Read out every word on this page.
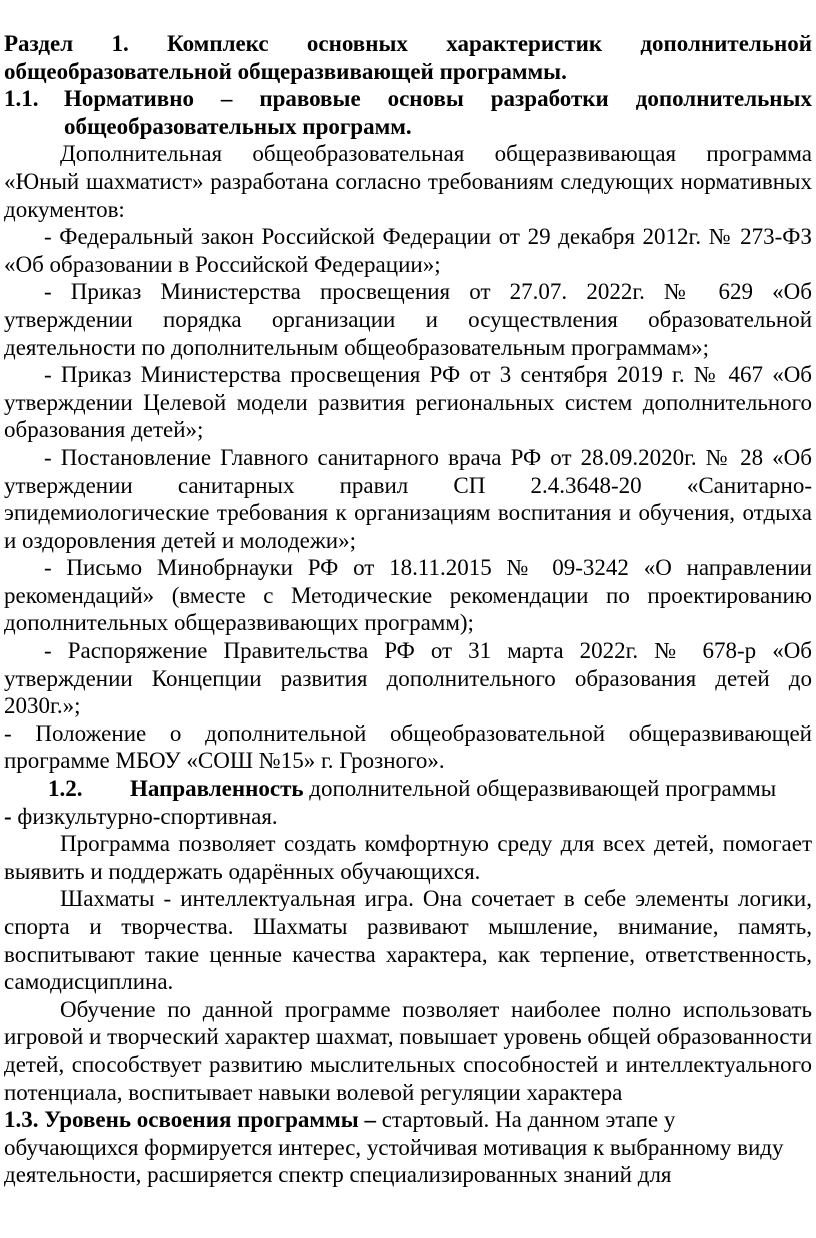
Раздел 1. Комплекс основных характеристик дополнительной общеобразовательной общеразвивающей программы.

1.1.	Нормативно – правовые основы разработки дополнительных общеобразовательных программ.

Дополнительная общеобразовательная общеразвивающая программа «Юный шахматист» разработана согласно требованиям следующих нормативных документов:

- Федеральный закон Российской Федерации от 29 декабря 2012г. № 273-ФЗ «Об образовании в Российской Федерации»;

- Приказ Министерства просвещения от 27.07. 2022г. № 629 «Об утверждении порядка организации и осуществления образовательной деятельности по дополнительным общеобразовательным программам»;

- Приказ Министерства просвещения РФ от 3 сентября 2019 г. № 467 «Об утверждении Целевой модели развития региональных систем дополнительного образования детей»;

- Постановление Главного санитарного врача РФ от 28.09.2020г. № 28 «Об утверждении санитарных правил СП 2.4.3648-20 «Санитарно-эпидемиологические требования к организациям воспитания и обучения, отдыха и оздоровления детей и молодежи»;

- Письмо Минобрнауки РФ от 18.11.2015 № 09-3242 «О направлении рекомендаций» (вместе с Методические рекомендации по проектированию дополнительных общеразвивающих программ);

- Распоряжение Правительства РФ от 31 марта 2022г. № 678-р «Об утверждении Концепции развития дополнительного образования детей до 2030г.»;

- Положение о дополнительной общеобразовательной общеразвивающей программе МБОУ «СОШ №15» г. Грозного».

1.2. Направленность дополнительной общеразвивающей программы

- физкультурно-спортивная.

Программа позволяет создать комфортную среду для всех детей, помогает выявить и поддержать одарённых обучающихся.

Шахматы - интеллектуальная игра. Она сочетает в себе элементы логики, спорта и творчества. Шахматы развивают мышление, внимание, память, воспитывают такие ценные качества характера, как терпение, ответственность, самодисциплина.

Обучение по данной программе позволяет наиболее полно использовать игровой и творческий характер шахмат, повышает уровень общей образованности детей, способствует развитию мыслительных способностей и интеллектуального потенциала, воспитывает навыки волевой регуляции характера

1.3. Уровень освоения программы – стартовый. На данном этапе у обучающихся формируется интерес, устойчивая мотивация к выбранному виду деятельности, расширяется спектр специализированных знаний для
